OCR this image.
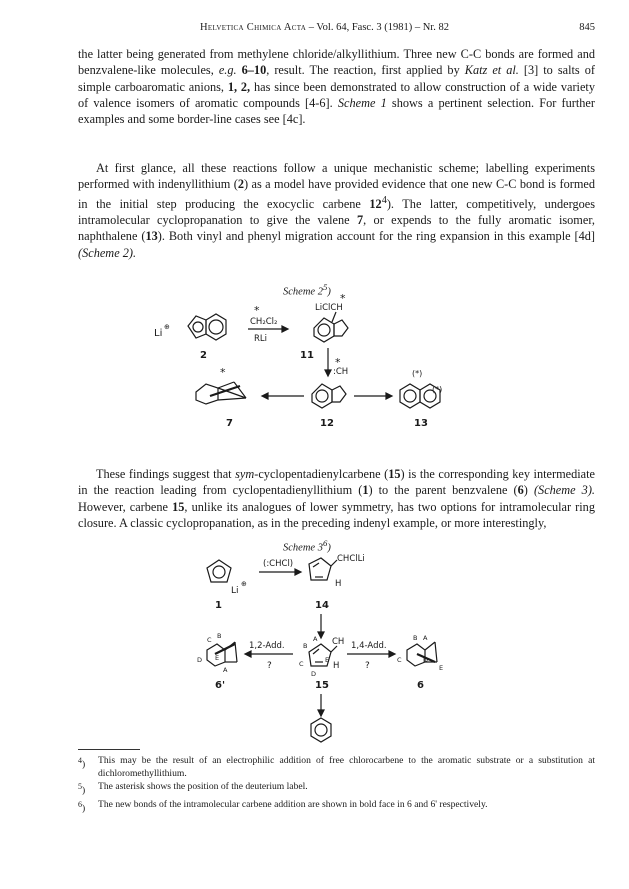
Helvetica Chimica Acta – Vol. 64, Fasc. 3 (1981) – Nr. 82	845

the latter being generated from methylene chloride/alkyllithium. Three new C-C bonds are formed and benzvalene-like molecules, e.g. 6–10, result. The reaction, first applied by Katz et al. [3] to salts of simple carboaromatic anions, 1, 2, has since been demonstrated to allow construction of a wide variety of valence isomers of aromatic compounds [4-6]. Scheme 1 shows a pertinent selection. For further examples and some border-line cases see [4c].

At first glance, all these reactions follow a unique mechanistic scheme; labelling experiments performed with indenyllithium (2) as a model have provided evidence that one new C-C bond is formed in the initial step producing the exocyclic carbene $12^4$). The latter, competitively, undergoes intramolecular cyclopropanation to give the valene 7, or expends to the fully aromatic isomer, naphthalene (13). Both vinyl and phenyl migration account for the ring expansion in this example [4d] (Scheme 2).

Scheme $2^5$)
Li
⊕
2
*
CH₂Cl₂
RLi
LiClCH
*
11
*
:CH
12
*
7
(*)
(*)
13

These findings suggest that sym-cyclopentadienylcarbene (15) is the corresponding key intermediate in the reaction leading from cyclopentadienyllithium (1) to the parent benzvalene (6) (Scheme 3). However, carbene 15, unlike its analogues of lower symmetry, has two options for intramolecular ring closure. A classic cyclopropanation, as in the preceding indenyl example, or more interestingly,

Scheme $3^6$)
Li
⊕
1
(:CHCl)	CHClLi
H
14
B
A
C
D
E
CH
H
15
1,2-Add.
?
C B
D E
A
6'
1,4-Add.
?
B A
C	D
E
6
$^4$)	This may be the result of an electrophilic addition of free chlorocarbene to the aromatic substrate or a substitution at dichloromethyllithium.
$^5$)	The asterisk shows the position of the deuterium label.
$^6$)	The new bonds of the intramolecular carbene addition are shown in bold face in 6 and 6' respectively.
